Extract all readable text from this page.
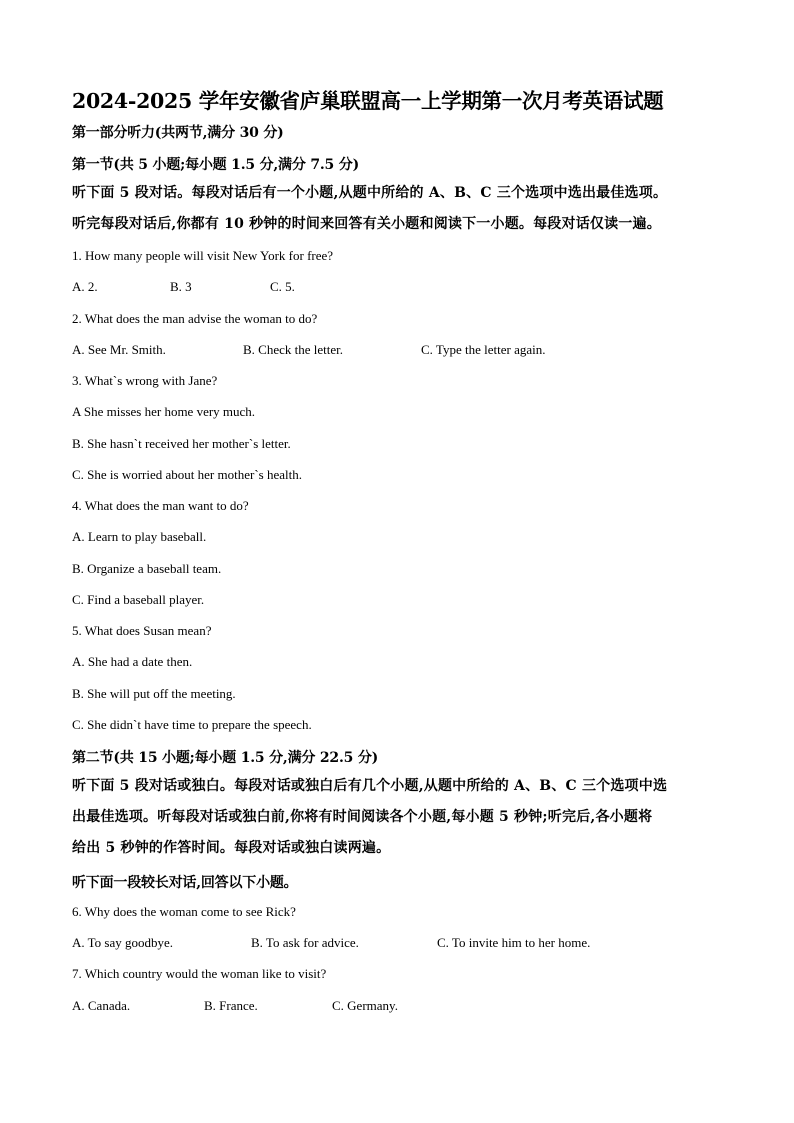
2024-2025 学年安徽省庐巢联盟高一上学期第一次月考英语试题
第一部分听力(共两节,满分 30 分)
第一节(共 5 小题;每小题 1.5 分,满分 7.5 分)
听下面 5 段对话。每段对话后有一个小题,从题中所给的 A、B、C 三个选项中选出最佳选项。
听完每段对话后,你都有 10 秒钟的时间来回答有关小题和阅读下一小题。每段对话仅读一遍。
1. How many people will visit New York for free?
A. 2.	B. 3	C. 5.
2. What does the man advise the woman to do?
A. See Mr. Smith.	B. Check the letter.	C. Type the letter again.
3. What`s wrong with Jane?
A She misses her home very much.
B. She hasn`t received her mother`s letter.
C. She is worried about her mother`s health.
4. What does the man want to do?
A. Learn to play baseball.
B. Organize a baseball team.
C. Find a baseball player.
5. What does Susan mean?
A. She had a date then.
B. She will put off the meeting.
C. She didn`t have time to prepare the speech.
第二节(共 15 小题;每小题 1.5 分,满分 22.5 分)
听下面 5 段对话或独白。每段对话或独白后有几个小题,从题中所给的 A、B、C 三个选项中选
出最佳选项。听每段对话或独白前,你将有时间阅读各个小题,每小题 5 秒钟;听完后,各小题将
给出 5 秒钟的作答时间。每段对话或独白读两遍。
听下面一段较长对话,回答以下小题。
6. Why does the woman come to see Rick?
A. To say goodbye.	B. To ask for advice.	C. To invite him to her home.
7. Which country would the woman like to visit?
A. Canada.	B. France.	C. Germany.
